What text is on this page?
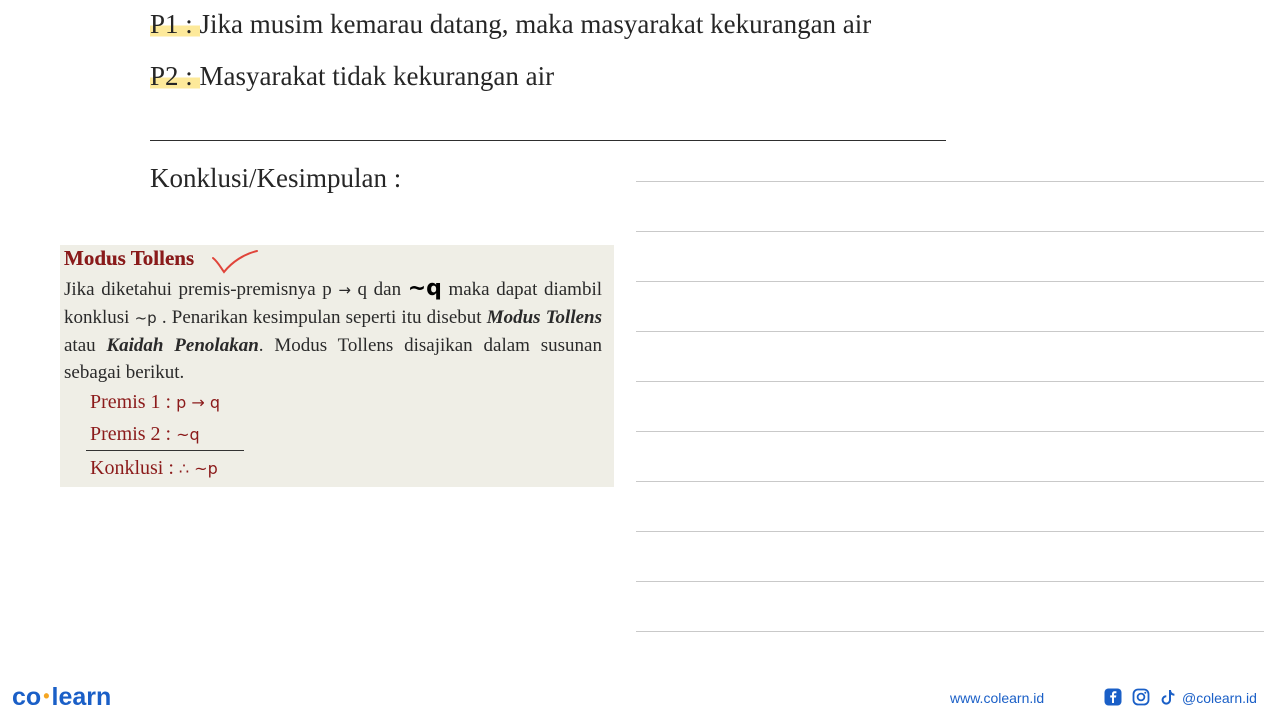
P1 : Jika musim kemarau datang, maka masyarakat kekurangan air
P2 : Masyarakat tidak kekurangan air
Konklusi/Kesimpulan :
Modus Tollens
Jika diketahui premis-premisnya p → q dan ~q maka dapat diambil konklusi ~p . Penarikan kesimpulan seperti itu disebut Modus Tollens atau Kaidah Penolakan. Modus Tollens disajikan dalam susunan sebagai berikut.
Premis 1 : p → q
Premis 2 : ~q
Konklusi : ∴ ~p
co •learn	www.colearn.id	@colearn.id
